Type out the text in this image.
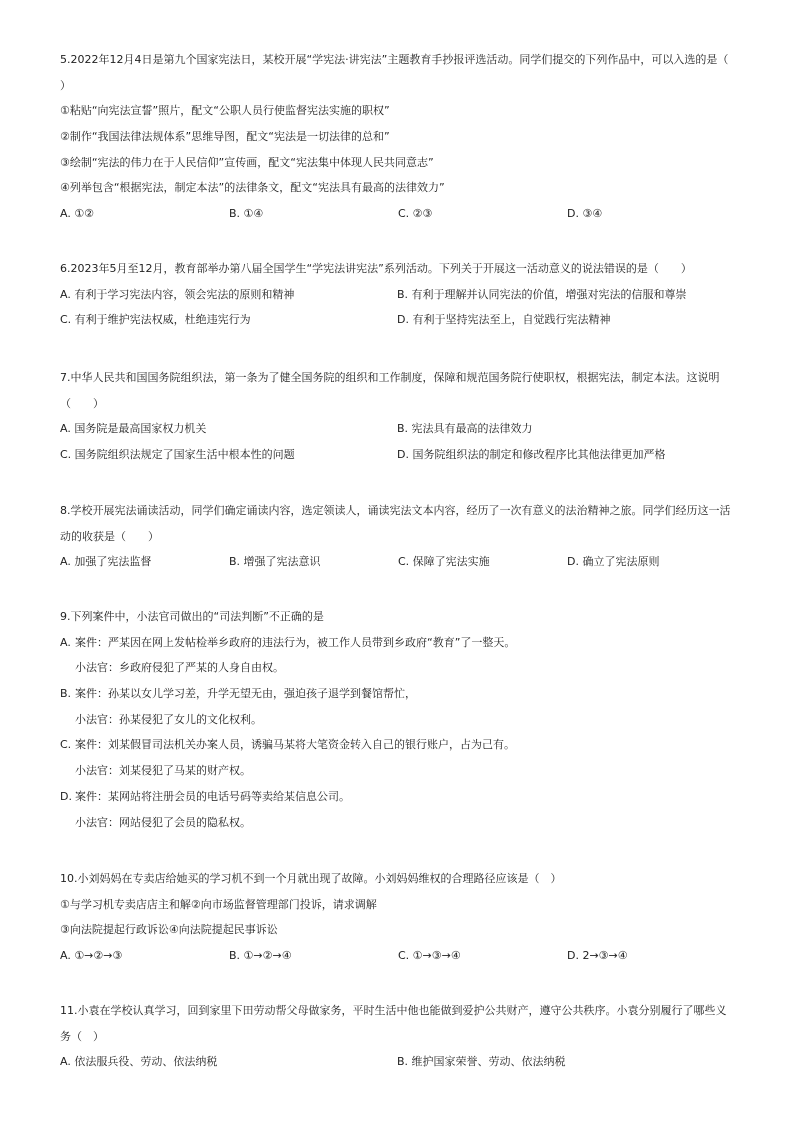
5.2022年12月4日是第九个国家宪法日，某校开展“学宪法·讲宪法”主题教育手抄报评选活动。同学们提交的下列作品中，可以入选的是（
）
①粘贴“向宪法宣誓”照片，配文“公职人员行使监督宪法实施的职权”
②制作“我国法律法规体系”思维导图，配文“宪法是一切法律的总和”
③绘制“宪法的伟力在于人民信仰”宣传画，配文“宪法集中体现人民共同意志”
④列举包含“根据宪法，制定本法”的法律条文，配文“宪法具有最高的法律效力”
A. ①②	B. ①④	C. ②③	D. ③④
6.2023年5月至12月，教育部举办第八届全国学生“学宪法讲宪法”系列活动。下列关于开展这一活动意义的说法错误的是（　　）
A. 有利于学习宪法内容，领会宪法的原则和精神	B. 有利于理解并认同宪法的价值，增强对宪法的信服和尊崇
C. 有利于维护宪法权威，杜绝违宪行为	D. 有利于坚持宪法至上，自觉践行宪法精神
7.中华人民共和国国务院组织法，第一条为了健全国务院的组织和工作制度，保障和规范国务院行使职权，根据宪法，制定本法。这说明
（　　）
A. 国务院是最高国家权力机关	B. 宪法具有最高的法律效力
C. 国务院组织法规定了国家生活中根本性的问题	D. 国务院组织法的制定和修改程序比其他法律更加严格
8.学校开展宪法诵读活动，同学们确定诵读内容，选定领读人，诵读宪法文本内容，经历了一次有意义的法治精神之旅。同学们经历这一活
动的收获是（　　）
A. 加强了宪法监督	B. 增强了宪法意识	C. 保障了宪法实施	D. 确立了宪法原则
9.下列案件中，小法官司做出的“司法判断”不正确的是
A. 案件：严某因在网上发帖检举乡政府的违法行为，被工作人员带到乡政府“教育”了一整天。
小法官：乡政府侵犯了严某的人身自由权。
B. 案件：孙某以女儿学习差，升学无望无由，强迫孩子退学到餐馆帮忙，
小法官：孙某侵犯了女儿的文化权利。
C. 案件：刘某假冒司法机关办案人员，诱骗马某将大笔资金转入自己的银行账户，占为己有。
小法官：刘某侵犯了马某的财产权。
D. 案件：某网站将注册会员的电话号码等卖给某信息公司。
小法官：网站侵犯了会员的隐私权。
10.小刘妈妈在专卖店给她买的学习机不到一个月就出现了故障。小刘妈妈维权的合理路径应该是（　）
①与学习机专卖店店主和解②向市场监督管理部门投诉，请求调解
③向法院提起行政诉讼④向法院提起民事诉讼
A. ①→②→③	B. ①→②→④	C. ①→③→④	D. 2→③→④
11.小袁在学校认真学习，回到家里下田劳动帮父母做家务，平时生活中他也能做到爱护公共财产，遵守公共秩序。小袁分别履行了哪些义
务（　）
A. 依法服兵役、劳动、依法纳税	B. 维护国家荣誉、劳动、依法纳税
